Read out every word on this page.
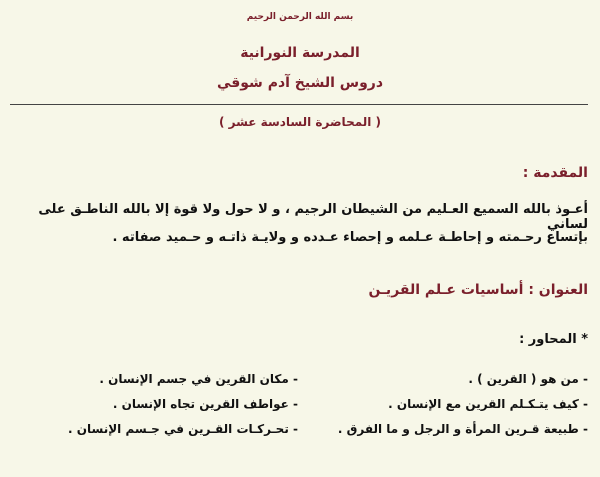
بسم الله الرحمن الرحيم
المدرسة النورانية
دروس الشيخ آدم شوقي
( المحاضرة السادسة عشر )
المقدمة :
أعـوذ بالله السميع العـليم من الشيطان الرجيم ، و لا حول ولا قوة إلا بالله الناطـق على لساني
بإتساع رحـمته و إحاطـة عـلمه و إحصاء عـدده و ولايـة ذاتـه و حـميد صفاته .
العنوان : أساسيات عـلم القريـن
* المحاور :
- من هو ( القرين ) .
- مكان القرين في جسم الإنسان .
- كيف يتـكـلم القرين مع الإنسان .
- عواطف القرين تجاه الإنسان .
- طبيعة قـرين المرأة و الرجل و ما الفرق .
- تحـركـات القـرين في جـسم الإنسان .
